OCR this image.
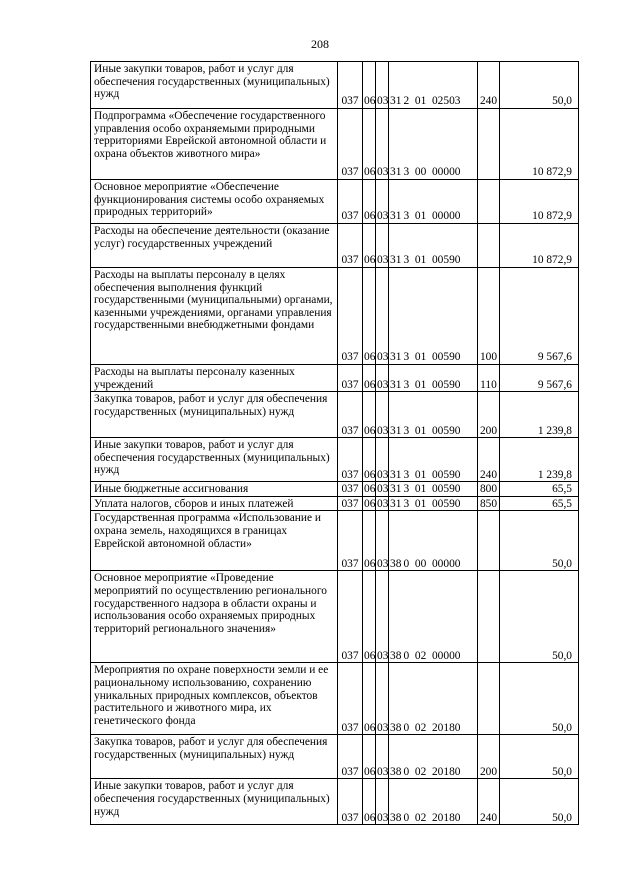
208
Иные закупки товаров, работ и услуг для обеспечения государственных (муниципальных) нужд	037	06	03	31	2  01  02503	240	50,0
Подпрограмма «Обеспечение государственного управления особо охраняемыми природными территориями Еврейской автономной области и охрана объектов животного мира»	037	06	03	31	3  00  00000		10 872,9
Основное мероприятие «Обеспечение функционирования системы особо охраняемых природных территорий»	037	06	03	31	3  01  00000		10 872,9
Расходы на обеспечение деятельности (оказание услуг) государственных учреждений	037	06	03	31	3  01  00590		10 872,9
Расходы на выплаты персоналу в целях обеспечения выполнения функций государственными (муниципальными) органами, казенными учреждениями, органами управления государственными внебюджетными фондами	037	06	03	31	3  01  00590	100	9 567,6
Расходы на выплаты персоналу казенных учреждений	037	06	03	31	3  01  00590	110	9 567,6
Закупка товаров, работ и услуг для обеспечения государственных (муниципальных) нужд	037	06	03	31	3  01  00590	200	1 239,8
Иные закупки товаров, работ и услуг для обеспечения государственных (муниципальных) нужд	037	06	03	31	3  01  00590	240	1 239,8
Иные бюджетные ассигнования	037	06	03	31	3  01  00590	800	65,5
Уплата налогов, сборов и иных платежей	037	06	03	31	3  01  00590	850	65,5
Государственная программа «Использование и охрана земель, находящихся в границах Еврейской автономной области»	037	06	03	38	0  00  00000		50,0
Основное мероприятие «Проведение мероприятий по осуществлению регионального государственного надзора в области охраны и использования особо охраняемых природных территорий регионального значения»	037	06	03	38	0  02  00000		50,0
Мероприятия по охране поверхности земли и ее рациональному использованию, сохранению уникальных природных комплексов, объектов растительного и животного мира, их генетического фонда	037	06	03	38	0  02  20180		50,0
Закупка товаров, работ и услуг для обеспечения государственных (муниципальных) нужд	037	06	03	38	0  02  20180	200	50,0
Иные закупки товаров, работ и услуг для обеспечения государственных (муниципальных) нужд	037	06	03	38	0  02  20180	240	50,0
